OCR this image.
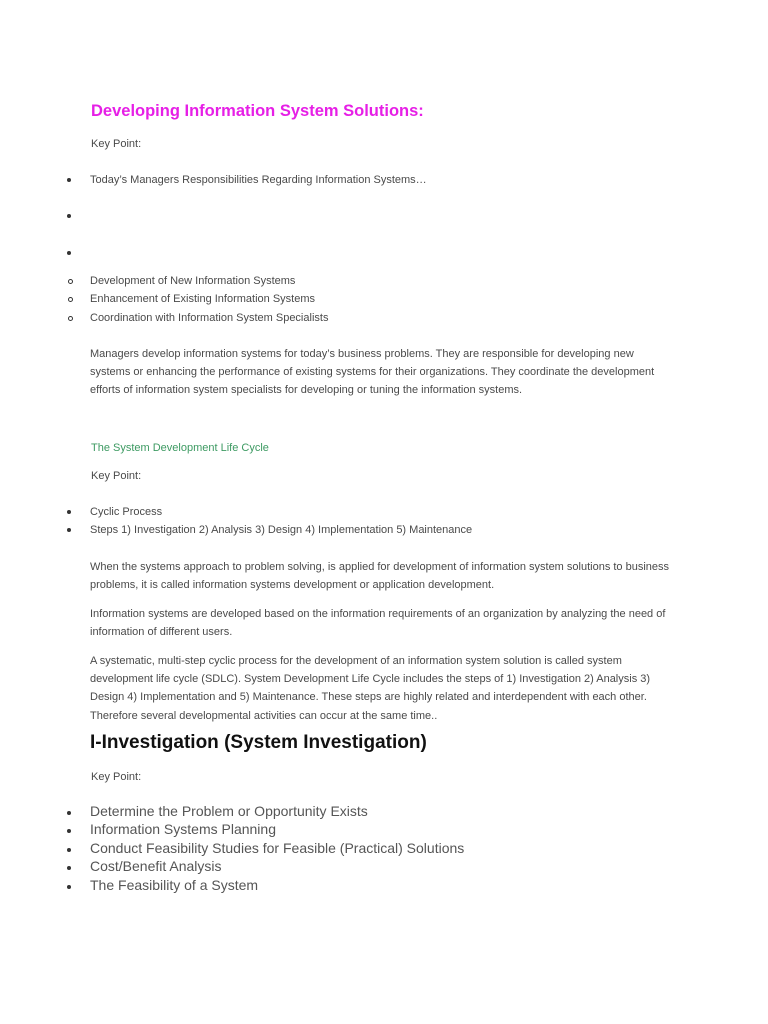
Developing Information System Solutions:
Key Point:
Today’s Managers Responsibilities Regarding Information Systems…
Development of New Information Systems
Enhancement of Existing Information Systems
Coordination with Information System Specialists
Managers develop information systems for today’s business problems. They are responsible for developing new systems or enhancing the performance of existing systems for their organizations. They coordinate the development efforts of information system specialists for developing or tuning the information systems.
The System Development Life Cycle
Key Point:
Cyclic Process
Steps 1) Investigation 2) Analysis 3) Design 4) Implementation 5) Maintenance
When the systems approach to problem solving, is applied for development of information system solutions to business problems, it is called information systems development or application development.
Information systems are developed based on the information requirements of an organization by analyzing the need of information of different users.
A systematic, multi-step cyclic process for the development of an information system solution is called system development life cycle (SDLC). System Development Life Cycle includes the steps of 1) Investigation 2) Analysis 3) Design 4) Implementation and 5) Maintenance. These steps are highly related and interdependent with each other. Therefore several developmental activities can occur at the same time..
I-Investigation (System Investigation)
Key Point:
Determine the Problem or Opportunity Exists
Information Systems Planning
Conduct Feasibility Studies for Feasible (Practical) Solutions
Cost/Benefit Analysis
The Feasibility of a System
